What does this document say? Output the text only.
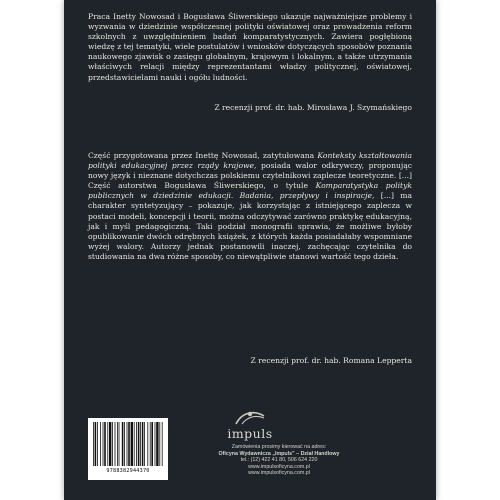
Praca Inetty Nowosad i Bogusława Śliwerskiego ukazuje najważniejsze problemy i wyzwania w dziedzinie współczesnej polityki oświatowej oraz prowadzenia reform szkolnych z uwzględnieniem badań komparatystycznych. Zawiera pogłębioną wiedzę z tej tematyki, wiele postulatów i wniosków dotyczących sposobów poznania naukowego zjawisk o zasięgu globalnym, krajowym i lokalnym, a także utrzymania właściwych relacji między reprezentantami władzy politycznej, oświatowej, przedstawicielami nauki i ogółu ludności.

Z recenzji prof. dr. hab. Mirosława J. Szymańskiego

Część przygotowana przez Inettę Nowosad, zatytułowana Konteksty kształtowania polityki edukacyjnej przez rządy krajowe, posiada walor odkrywczy, proponując nowy język i nieznane dotychczas polskiemu czytelnikowi zaplecze teoretyczne. [...] Część autorstwa Bogusława Śliwerskiego, o tytule Komparatystyka polityk publicznych w dziedzinie edukacji. Badania, przepływy i inspiracje, [...] ma charakter syntetyzujący – pokazuje, jak korzystając z istniejącego zaplecza w postaci modeli, koncepcji i teorii, można odczytywać zarówno praktykę edukacyjną, jak i myśl pedagogiczną. Taki podział monografii sprawia, że możliwe byłoby opublikowanie dwóch odrębnych książek, z których każda posiadałaby wspomniane wyżej walory. Autorzy jednak postanowili inaczej, zachęcając czytelnika do studiowania na dwa różne sposoby, co niewątpliwie stanowi wartość tego dzieła.

Z recenzji prof. dr. hab. Romana Lepperta

9788382944370
impuls
Zamówienia prosimy kierować na adres:
Oficyna Wydawnicza „Impuls” – Dział Handlowy
tel.: (12) 422 41 80, 506 624 220
www.impulsoficyna.com.pl
www.impulsoficyna.com.pl
